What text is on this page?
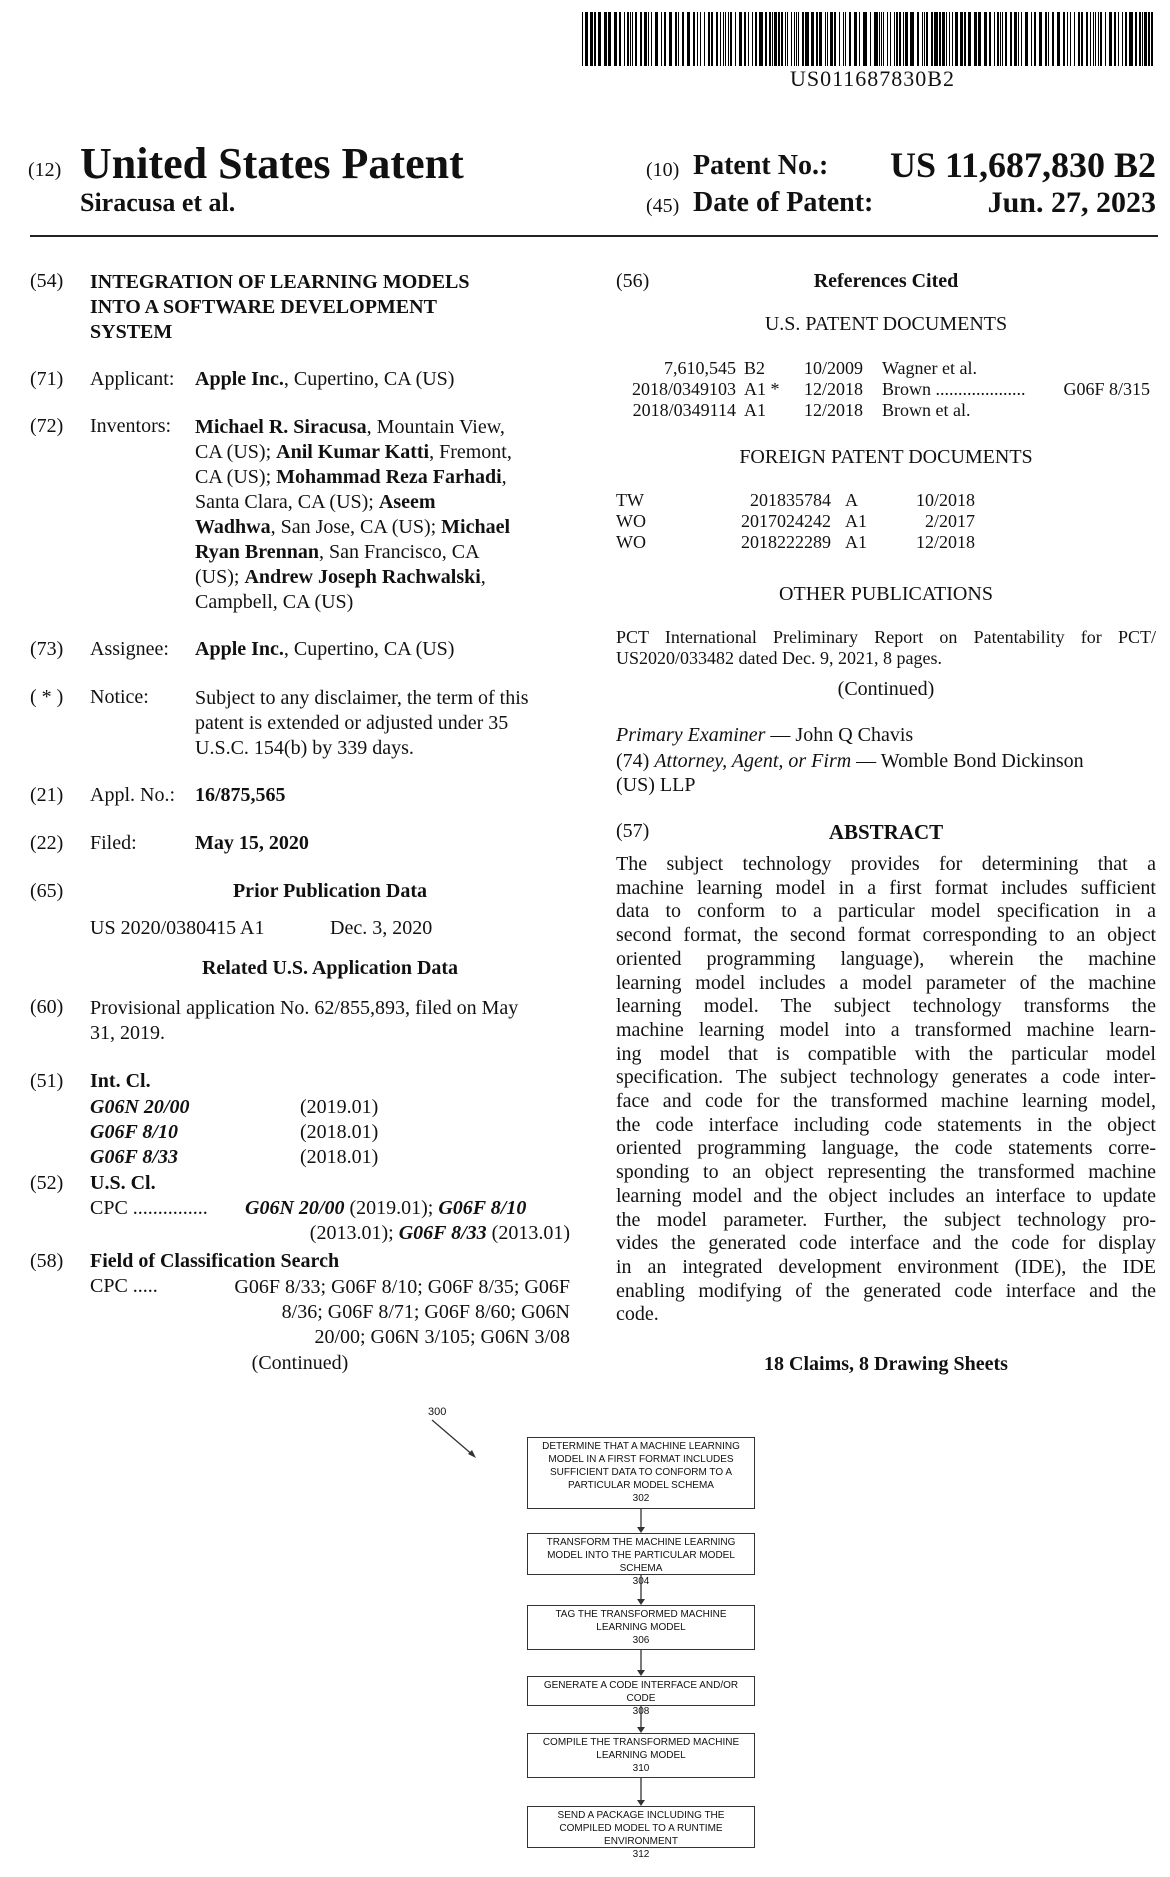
US011687830B2
(12) United States Patent
Siracusa et al.
(10) Patent No.: US 11,687,830 B2
(45) Date of Patent:	Jun. 27, 2023
(54) INTEGRATION OF LEARNING MODELS
INTO A SOFTWARE DEVELOPMENT
SYSTEM
(71) Applicant: Apple Inc., Cupertino, CA (US)
(72) Inventors: Michael R. Siracusa, Mountain View,
CA (US); Anil Kumar Katti, Fremont,
CA (US); Mohammad Reza Farhadi,
Santa Clara, CA (US); Aseem
Wadhwa, San Jose, CA (US); Michael
Ryan Brennan, San Francisco, CA
(US); Andrew Joseph Rachwalski,
Campbell, CA (US)
(73) Assignee: Apple Inc., Cupertino, CA (US)
( * ) Notice: Subject to any disclaimer, the term of this
patent is extended or adjusted under 35
U.S.C. 154(b) by 339 days.
(21) Appl. No.: 16/875,565
(22) Filed:	May 15, 2020
(65)	Prior Publication Data
US 2020/0380415 A1	Dec. 3, 2020
Related U.S. Application Data
(60) Provisional application No. 62/855,893, filed on May
31, 2019.
(51) Int. Cl.
G06N 20/00	(2019.01)
G06F 8/10	(2018.01)
G06F 8/33	(2018.01)
(52) U.S. Cl.
CPC ............... G06N 20/00 (2019.01); G06F 8/10
(2013.01); G06F 8/33 (2013.01)
(58) Field of Classification Search
CPC .....	G06F 8/33; G06F 8/10; G06F 8/35; G06F
8/36; G06F 8/71; G06F 8/60; G06N
20/00; G06N 3/105; G06N 3/08
(Continued)
(56)	References Cited
U.S. PATENT DOCUMENTS
7,610,545 B2	10/2009	Wagner et al.
2018/0349103 A1 *	12/2018	Brown ....................	G06F 8/315
2018/0349114 A1	12/2018	Brown et al.
FOREIGN PATENT DOCUMENTS
TW	201835784 A	10/2018
WO	2017024242 A1	2/2017
WO	2018222289 A1	12/2018
OTHER PUBLICATIONS
PCT International Preliminary Report on Patentability for PCT/
US2020/033482 dated Dec. 9, 2021, 8 pages.
(Continued)
Primary Examiner — John Q Chavis
(74) Attorney, Agent, or Firm — Womble Bond Dickinson
(US) LLP
(57)	ABSTRACT
The subject technology provides for determining that a
machine learning model in a first format includes sufficient
data to conform to a particular model specification in a
second format, the second format corresponding to an object
oriented programming language), wherein the machine
learning model includes a model parameter of the machine
learning model. The subject technology transforms the
machine learning model into a transformed machine learn-
ing model that is compatible with the particular model
specification. The subject technology generates a code inter-
face and code for the transformed machine learning model,
the code interface including code statements in the object
oriented programming language, the code statements corre-
sponding to an object representing the transformed machine
learning model and the object includes an interface to update
the model parameter. Further, the subject technology pro-
vides the generated code interface and the code for display
in an integrated development environment (IDE), the IDE
enabling modifying of the generated code interface and the
code.
18 Claims, 8 Drawing Sheets
300
DETERMINE THAT A MACHINE LEARNING MODEL IN A FIRST FORMAT INCLUDES SUFFICIENT DATA TO CONFORM TO A PARTICULAR MODEL SCHEMA
302
TRANSFORM THE MACHINE LEARNING MODEL INTO THE PARTICULAR MODEL SCHEMA
304
TAG THE TRANSFORMED MACHINE LEARNING MODEL
306
GENERATE A CODE INTERFACE AND/OR CODE
308
COMPILE THE TRANSFORMED MACHINE LEARNING MODEL
310
SEND A PACKAGE INCLUDING THE COMPILED MODEL TO A RUNTIME ENVIRONMENT
312
